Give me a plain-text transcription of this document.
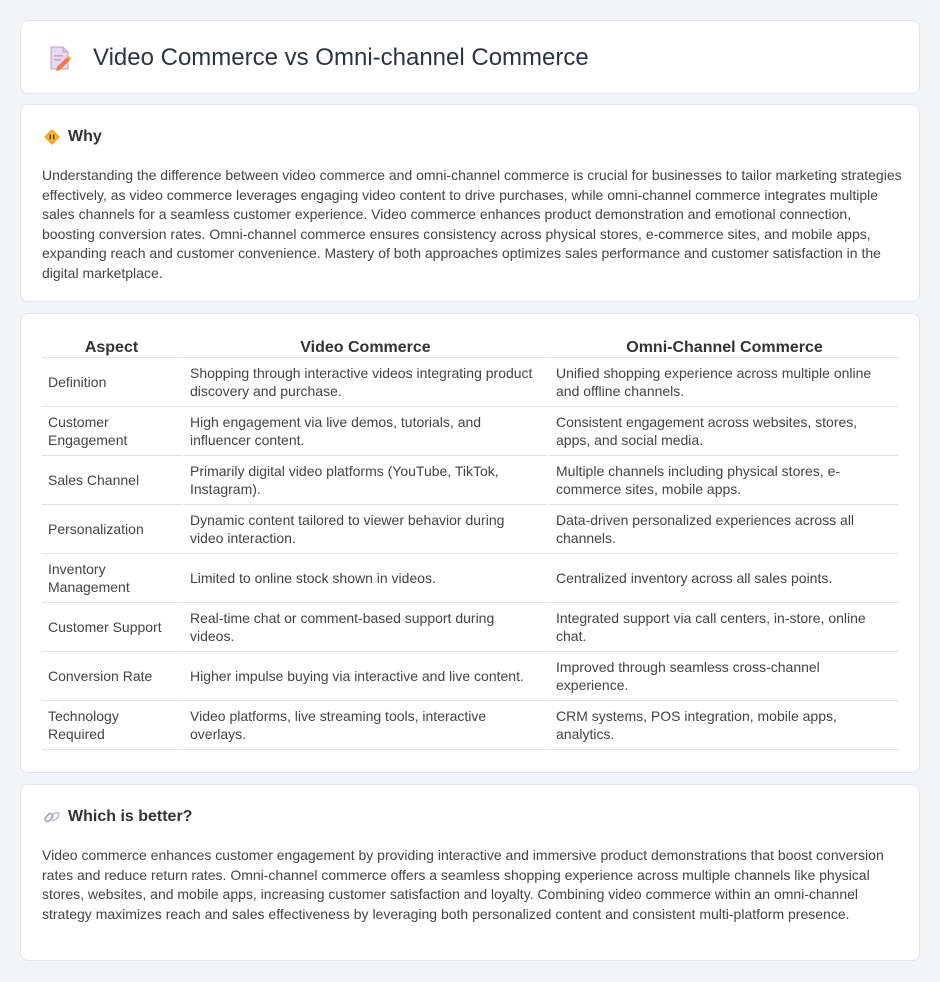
Video Commerce vs Omni-channel Commerce
Why

Understanding the difference between video commerce and omni-channel commerce is crucial for businesses to tailor marketing strategies effectively, as video commerce leverages engaging video content to drive purchases, while omni-channel commerce integrates multiple sales channels for a seamless customer experience. Video commerce enhances product demonstration and emotional connection, boosting conversion rates. Omni-channel commerce ensures consistency across physical stores, e-commerce sites, and mobile apps, expanding reach and customer convenience. Mastery of both approaches optimizes sales performance and customer satisfaction in the digital marketplace.

Aspect	Video Commerce	Omni-Channel Commerce
Definition	Shopping through interactive videos integrating product discovery and purchase.	Unified shopping experience across multiple online and offline channels.
Customer Engagement	High engagement via live demos, tutorials, and influencer content.	Consistent engagement across websites, stores, apps, and social media.
Sales Channel	Primarily digital video platforms (YouTube, TikTok, Instagram).	Multiple channels including physical stores, e-commerce sites, mobile apps.
Personalization	Dynamic content tailored to viewer behavior during video interaction.	Data-driven personalized experiences across all channels.
Inventory Management	Limited to online stock shown in videos.	Centralized inventory across all sales points.
Customer Support	Real-time chat or comment-based support during videos.	Integrated support via call centers, in-store, online chat.
Conversion Rate	Higher impulse buying via interactive and live content.	Improved through seamless cross-channel experience.
Technology Required	Video platforms, live streaming tools, interactive overlays.	CRM systems, POS integration, mobile apps, analytics.
Which is better?

Video commerce enhances customer engagement by providing interactive and immersive product demonstrations that boost conversion rates and reduce return rates. Omni-channel commerce offers a seamless shopping experience across multiple channels like physical stores, websites, and mobile apps, increasing customer satisfaction and loyalty. Combining video commerce within an omni-channel strategy maximizes reach and sales effectiveness by leveraging both personalized content and consistent multi-platform presence.
